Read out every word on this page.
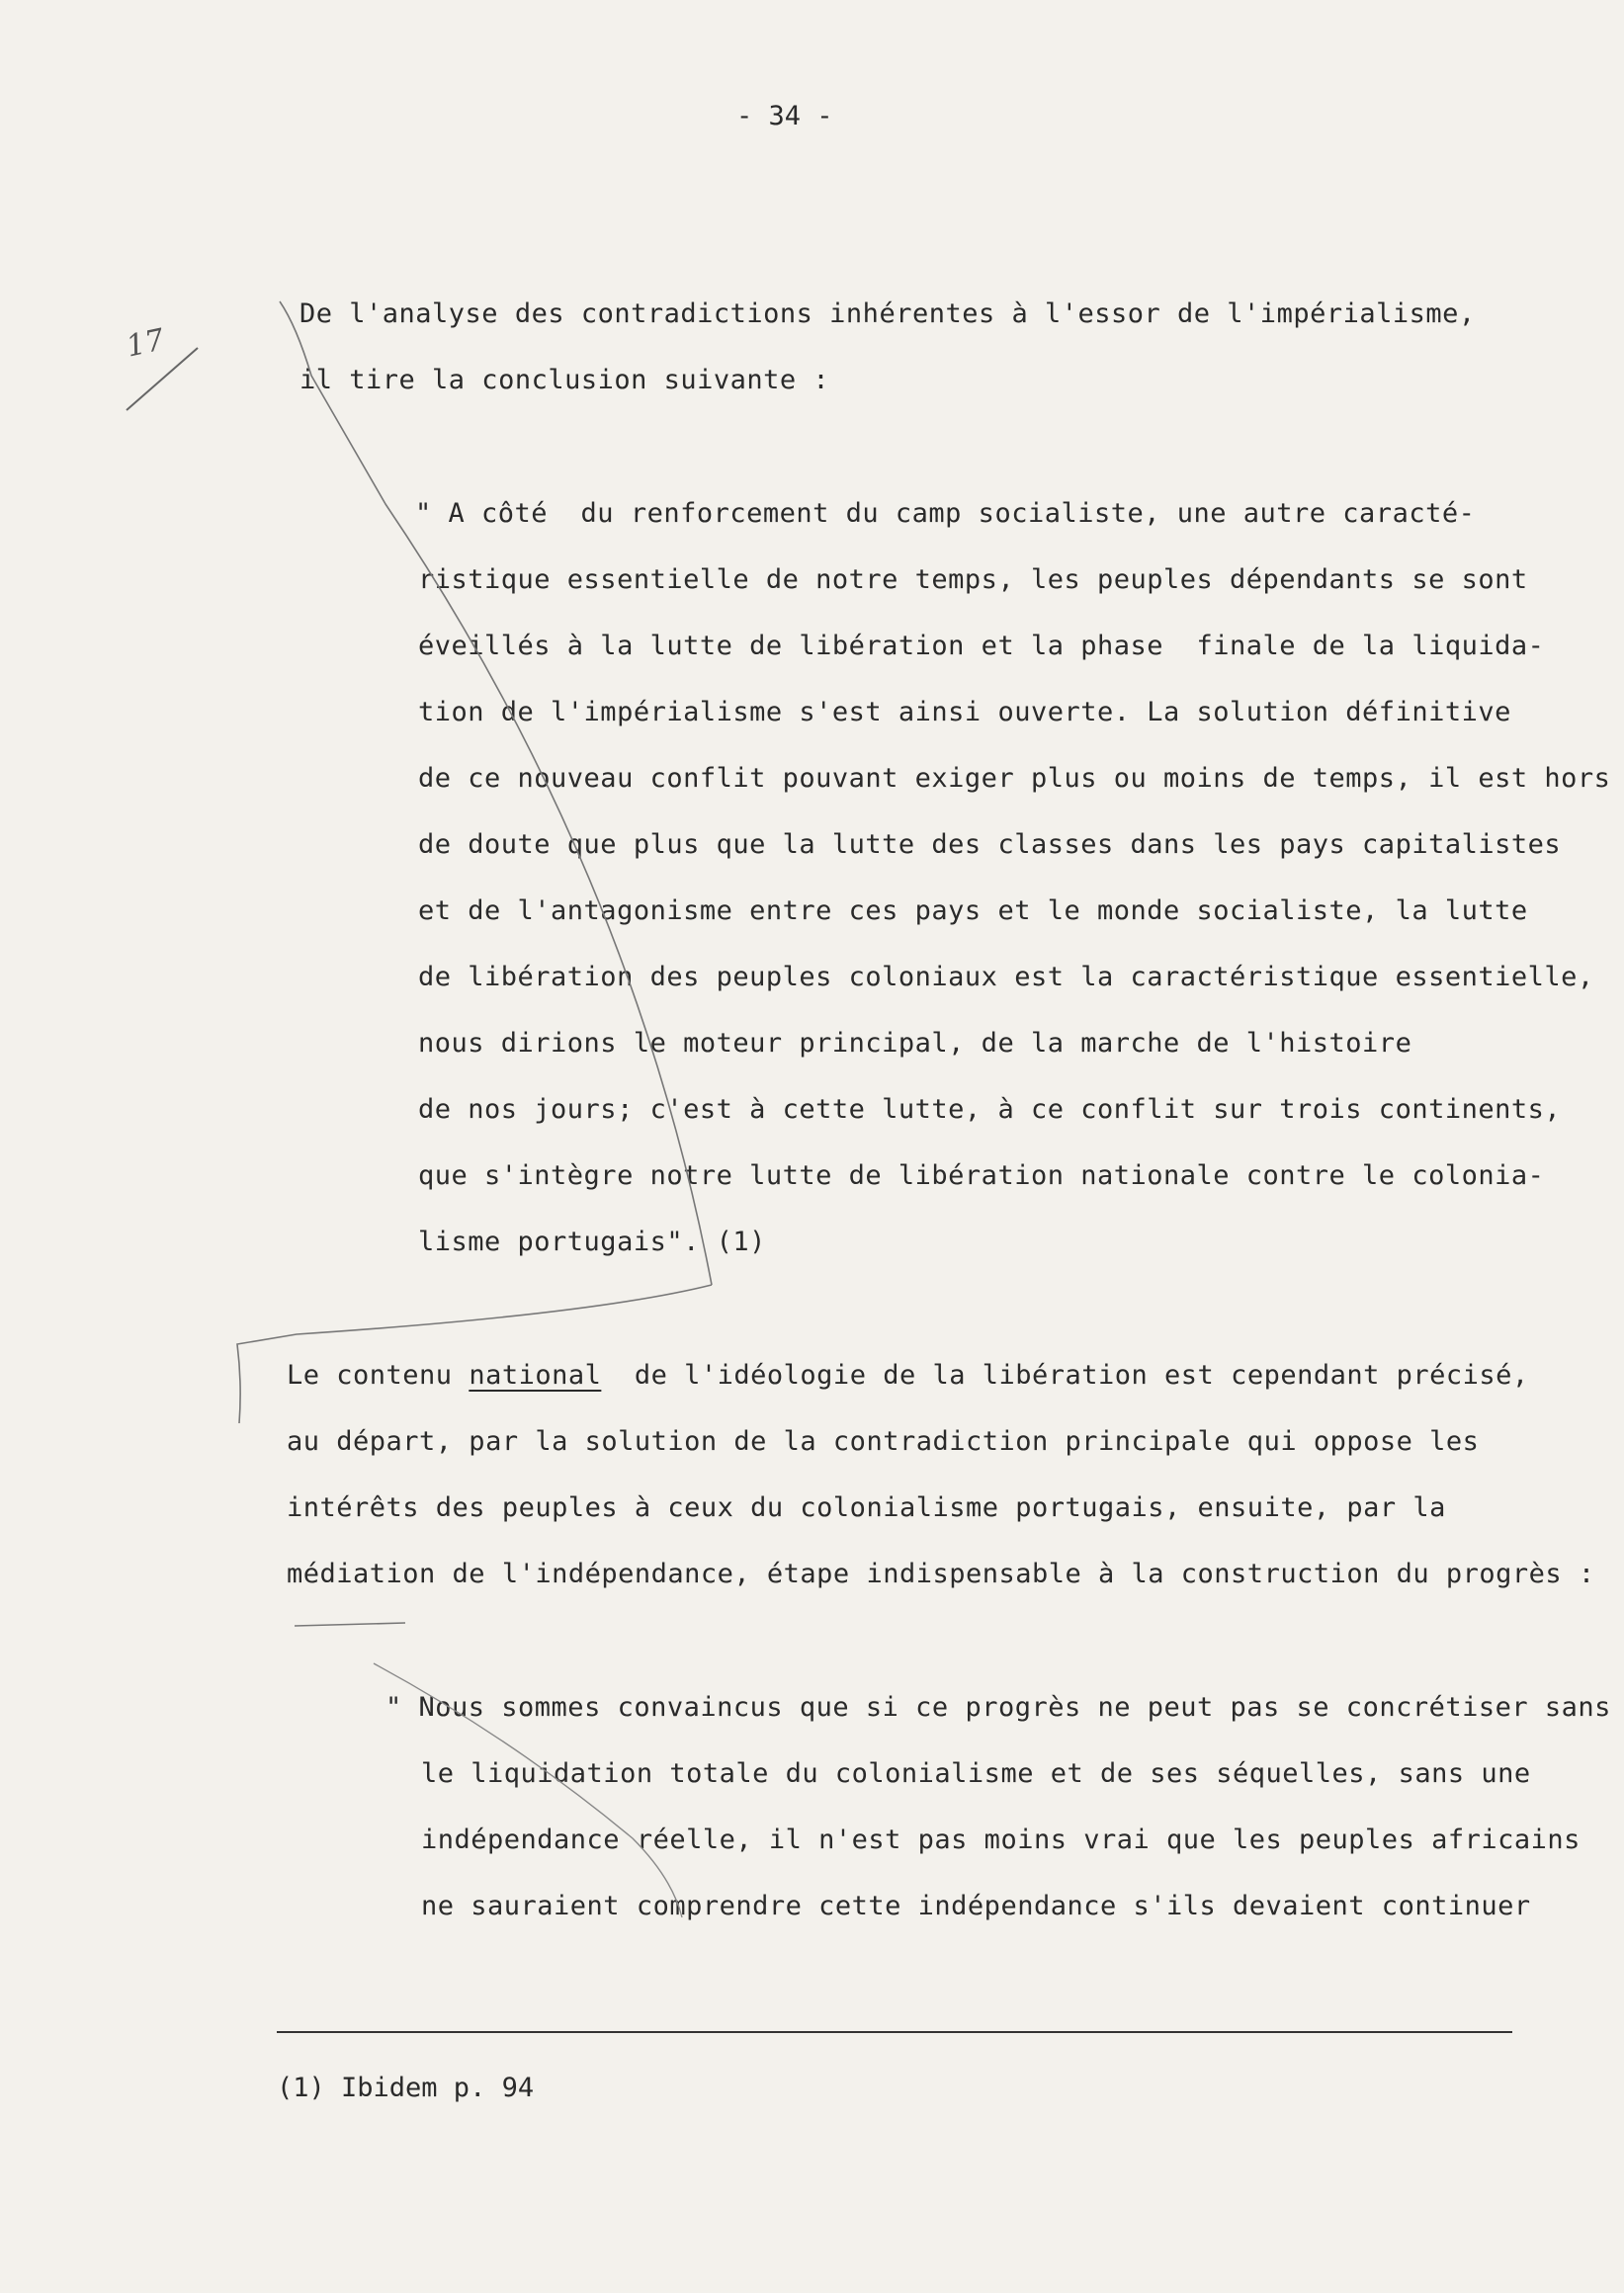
- 34 -
17
De l'analyse des contradictions inhérentes à l'essor de l'impérialisme,
il tire la conclusion suivante :
" A côté  du renforcement du camp socialiste, une autre caracté-
ristique essentielle de notre temps, les peuples dépendants se sont
éveillés à la lutte de libération et la phase  finale de la liquida-
tion de l'impérialisme s'est ainsi ouverte. La solution définitive
de ce nouveau conflit pouvant exiger plus ou moins de temps, il est hors
de doute que plus que la lutte des classes dans les pays capitalistes
et de l'antagonisme entre ces pays et le monde socialiste, la lutte
de libération des peuples coloniaux est la caractéristique essentielle,
nous dirions le moteur principal, de la marche de l'histoire
de nos jours; c'est à cette lutte, à ce conflit sur trois continents,
que s'intègre notre lutte de libération nationale contre le colonia-
lisme portugais". (1)
Le contenu national  de l'idéologie de la libération est cependant précisé,
au départ, par la solution de la contradiction principale qui oppose les
intérêts des peuples à ceux du colonialisme portugais, ensuite, par la
médiation de l'indépendance, étape indispensable à la construction du progrès :
" Nous sommes convaincus que si ce progrès ne peut pas se concrétiser sans
le liquidation totale du colonialisme et de ses séquelles, sans une
indépendance réelle, il n'est pas moins vrai que les peuples africains
ne sauraient comprendre cette indépendance s'ils devaient continuer
(1) Ibidem p. 94
